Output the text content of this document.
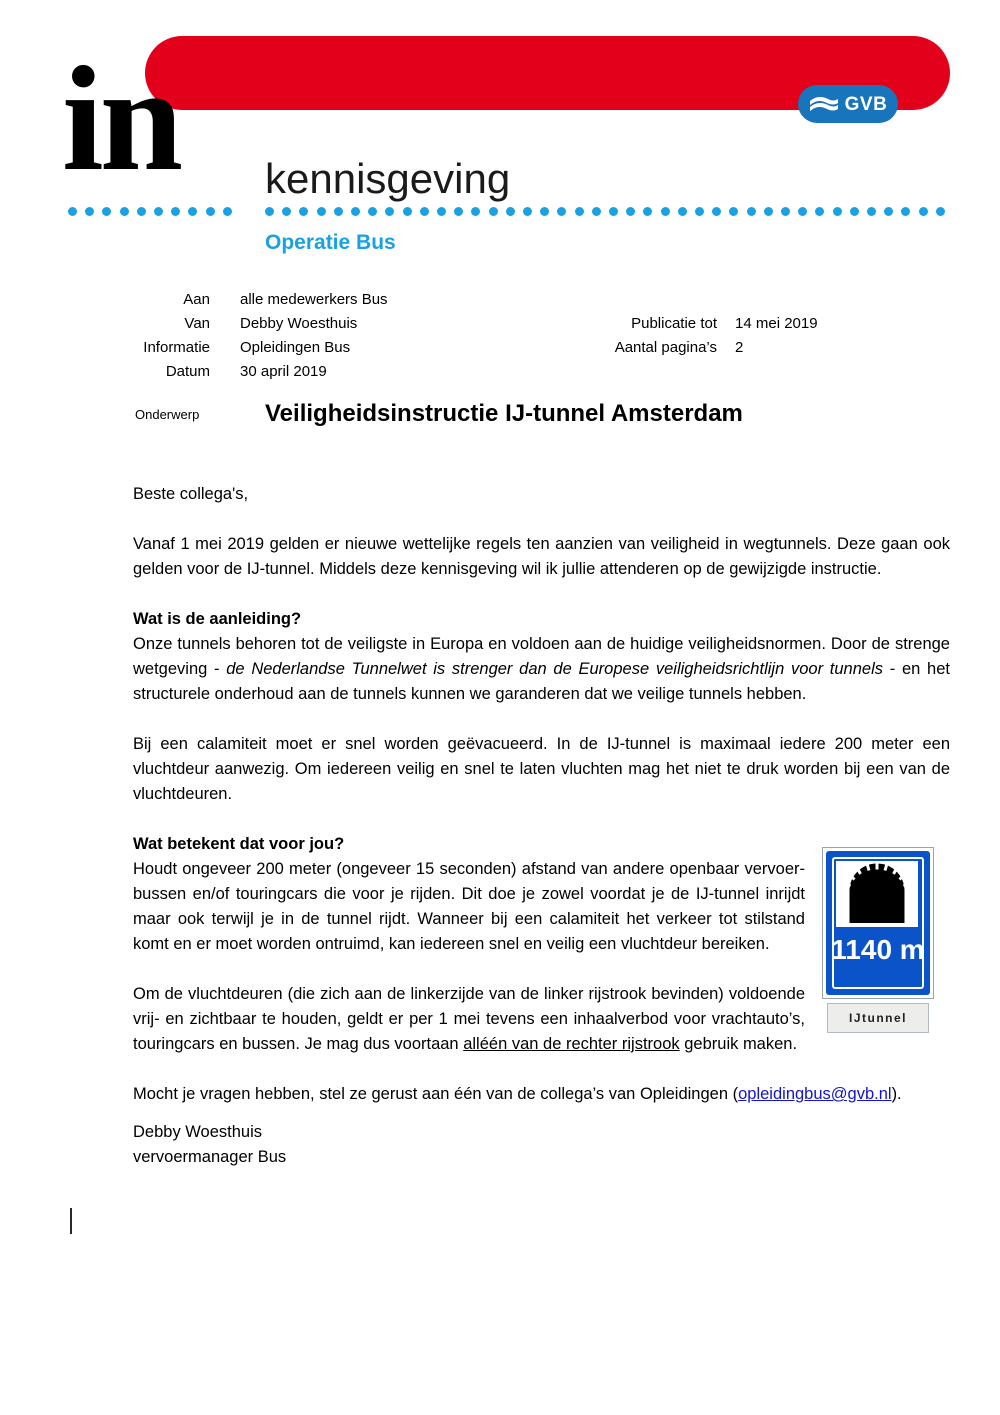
GVB
in kennisgeving
Operatie Bus
Aan	alle medewerkers Bus
Van	Debby Woesthuis
Informatie	Opleidingen Bus
Datum	30 april 2019
Publicatie tot	14 mei 2019
Aantal pagina’s	2
Onderwerp	Veiligheidsinstructie IJ-tunnel Amsterdam
1140 m
IJtunnel

Beste collega's,

Vanaf 1 mei 2019 gelden er nieuwe wettelijke regels ten aanzien van veiligheid in wegtunnels. Deze gaan ook gelden voor de IJ-tunnel. Middels deze kennisgeving wil ik jullie attenderen op de gewijzigde instructie.

Wat is de aanleiding?

Onze tunnels behoren tot de veiligste in Europa en voldoen aan de huidige veiligheidsnormen. Door de strenge wetgeving - de Nederlandse Tunnelwet is strenger dan de Europese veiligheidsrichtlijn voor tunnels - en het structurele onderhoud aan de tunnels kunnen we garanderen dat we veilige tunnels hebben.

Bij een calamiteit moet er snel worden geëvacueerd. In de IJ-tunnel is maximaal iedere 200 meter een vluchtdeur aanwezig. Om iedereen veilig en snel te laten vluchten mag het niet te druk worden bij een van de vluchtdeuren.

Wat betekent dat voor jou?

Houdt ongeveer 200 meter (ongeveer 15 seconden) afstand van andere openbaar vervoer-bussen en/of touringcars die voor je rijden. Dit doe je zowel voordat je de IJ-tunnel inrijdt maar ook terwijl je in de tunnel rijdt. Wanneer bij een calamiteit het verkeer tot stilstand komt en er moet worden ontruimd, kan iedereen snel en veilig een vluchtdeur bereiken.

Om de vluchtdeuren (die zich aan de linkerzijde van de linker rijstrook bevinden) voldoende vrij- en zichtbaar te houden, geldt er per 1 mei tevens een inhaalverbod voor vrachtauto’s, touringcars en bussen. Je mag dus voortaan alléén van de rechter rijstrook gebruik maken.

Mocht je vragen hebben, stel ze gerust aan één van de collega’s van Opleidingen (opleidingbus@gvb.nl).

Debby Woesthuis
vervoermanager Bus
